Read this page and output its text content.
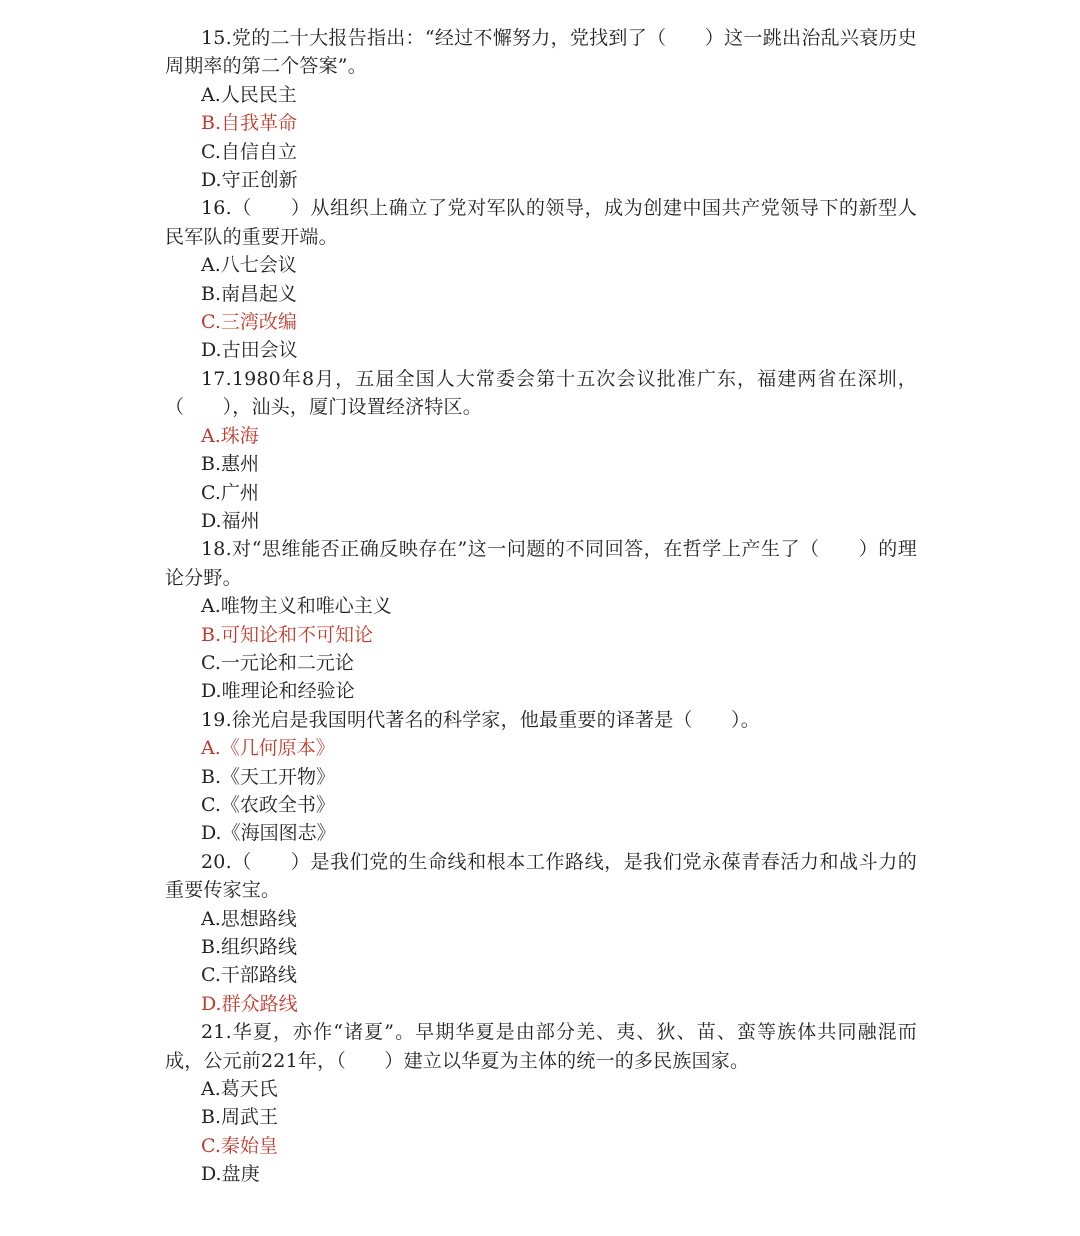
15.党的二十大报告指出：“经过不懈努力，党找到了（　　）这一跳出治乱兴衰历史周期率的第二个答案”。
A.人民民主
B.自我革命
C.自信自立
D.守正创新
16.（　　）从组织上确立了党对军队的领导，成为创建中国共产党领导下的新型人民军队的重要开端。
A.八七会议
B.南昌起义
C.三湾改编
D.古田会议
17.1980年8月，五届全国人大常委会第十五次会议批准广东，福建两省在深圳，（　　），汕头，厦门设置经济特区。
A.珠海
B.惠州
C.广州
D.福州
18.对“思维能否正确反映存在”这一问题的不同回答，在哲学上产生了（　　）的理论分野。
A.唯物主义和唯心主义
B.可知论和不可知论
C.一元论和二元论
D.唯理论和经验论
19.徐光启是我国明代著名的科学家，他最重要的译著是（　　）。
A.《几何原本》
B.《天工开物》
C.《农政全书》
D.《海国图志》
20.（　　）是我们党的生命线和根本工作路线，是我们党永葆青春活力和战斗力的重要传家宝。
A.思想路线
B.组织路线
C.干部路线
D.群众路线
21.华夏，亦作“诸夏”。早期华夏是由部分羌、夷、狄、苗、蛮等族体共同融混而成，公元前221年，（　　）建立以华夏为主体的统一的多民族国家。
A.葛天氏
B.周武王
C.秦始皇
D.盘庚
